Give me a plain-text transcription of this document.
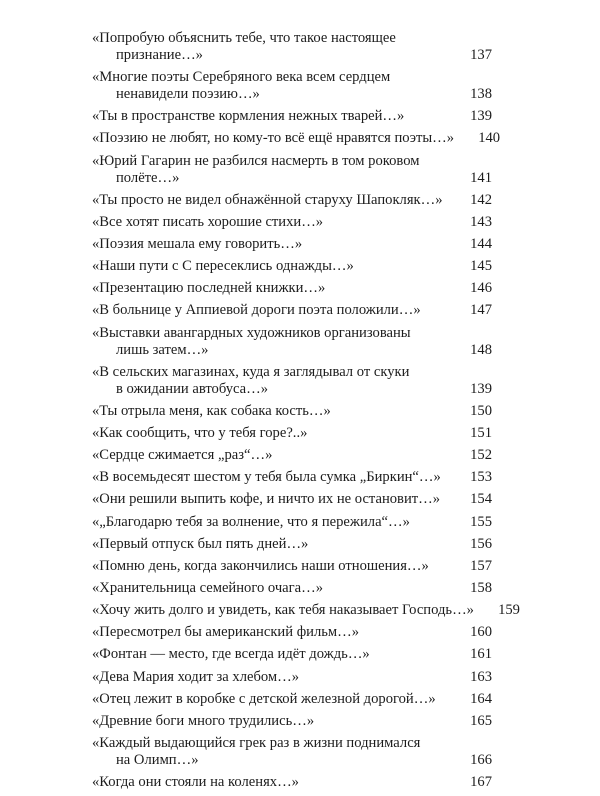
«Попробую объяснить тебе, что такое настоящее
признание…»	137
«Многие поэты Серебряного века всем сердцем
ненавидели поэзию…»	138
«Ты в пространстве кормления нежных тварей…»	139
«Поэзию не любят, но кому-то всё ещё нравятся поэты…»	140
«Юрий Гагарин не разбился насмерть в том роковом
полёте…»	141
«Ты просто не видел обнажённой старуху Шапокляк…»	142
«Все хотят писать хорошие стихи…»	143
«Поэзия мешала ему говорить…»	144
«Наши пути с С пересеклись однажды…»	145
«Презентацию последней книжки…»	146
«В больнице у Аппиевой дороги поэта положили…»	147
«Выставки авангардных художников организованы
лишь затем…»	148
«В сельских магазинах, куда я заглядывал от скуки
в ожидании автобуса…»	139
«Ты отрыла меня, как собака кость…»	150
«Как сообщить, что у тебя горе?..»	151
«Сердце сжимается „раз“…»	152
«В восемьдесят шестом у тебя была сумка „Биркин“…»	153
«Они решили выпить кофе, и ничто их не остановит…»	154
«„Благодарю тебя за волнение, что я пережила“…»	155
«Первый отпуск был пять дней…»	156
«Помню день, когда закончились наши отношения…»	157
«Хранительница семейного очага…»	158
«Хочу жить долго и увидеть, как тебя наказывает Господь…»	159
«Пересмотрел бы американский фильм…»	160
«Фонтан — место, где всегда идёт дождь…»	161
«Дева Мария ходит за хлебом…»	163
«Отец лежит в коробке с детской железной дорогой…»	164
«Древние боги много трудились…»	165
«Каждый выдающийся грек раз в жизни поднимался
на Олимп…»	166
«Когда они стояли на коленях…»	167
